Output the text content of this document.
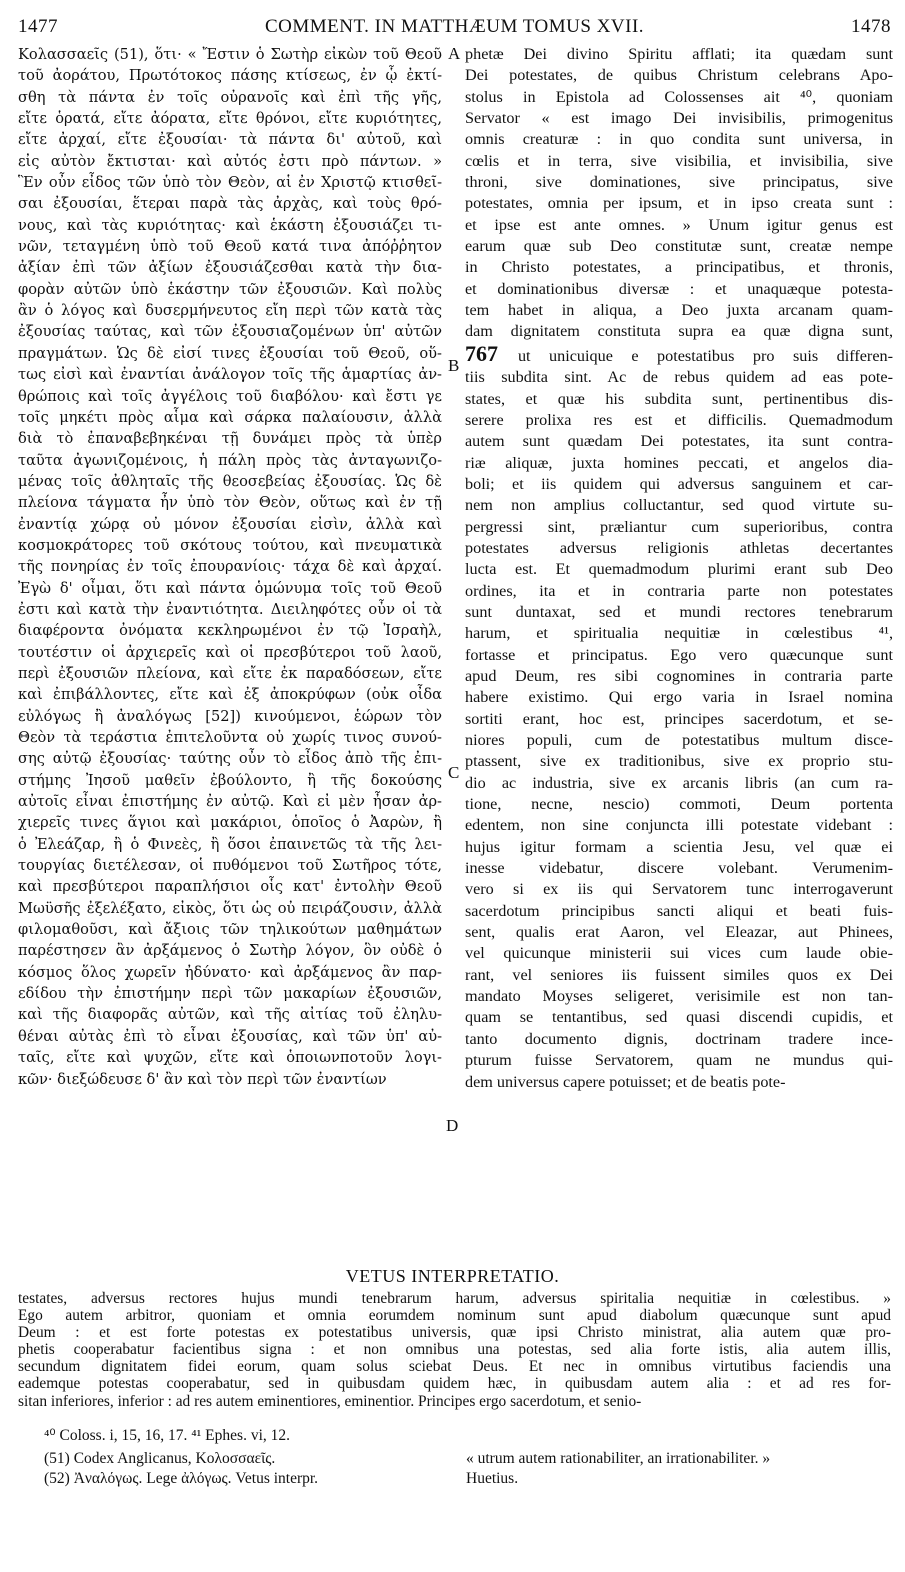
1477	COMMENT. IN MATTHÆUM TOMUS XVII.	1478
Κολασσαεῖς (51), ὅτι· « Ἔστιν ὁ Σωτὴρ εἰκὼν τοῦ Θεοῦ
τοῦ ἀοράτου, Πρωτότοκος πάσης κτίσεως, ἐν ᾧ ἐκτί-
σθη τὰ πάντα ἐν τοῖς οὐρανοῖς καὶ ἐπὶ τῆς γῆς,
εἴτε ὁρατά, εἴτε ἀόρατα, εἴτε θρόνοι, εἴτε κυριότητες,
εἴτε ἀρχαί, εἴτε ἐξουσίαι· τὰ πάντα δι' αὐτοῦ, καὶ
εἰς αὐτὸν ἔκτισται· καὶ αὐτός ἐστι πρὸ πάντων. »
Ἓν οὖν εἶδος τῶν ὑπὸ τὸν Θεὸν, αἱ ἐν Χριστῷ κτισθεῖ-
σαι ἐξουσίαι, ἕτεραι παρὰ τὰς ἀρχὰς, καὶ τοὺς θρό-
νους, καὶ τὰς κυριότητας· καὶ ἑκάστη ἐξουσιάζει τι-
νῶν, τεταγμένη ὑπὸ τοῦ Θεοῦ κατά τινα ἀπόῤῥητον
ἀξίαν ἐπὶ τῶν ἀξίων ἐξουσιάζεσθαι κατὰ τὴν δια-
φορὰν αὐτῶν ὑπὸ ἑκάστην τῶν ἐξουσιῶν. Καὶ πολὺς
ἂν ὁ λόγος καὶ δυσερμήνευτος εἴη περὶ τῶν κατὰ τὰς
ἐξουσίας ταύτας, καὶ τῶν ἐξουσιαζομένων ὑπ' αὐτῶν
πραγμάτων. Ὡς δὲ εἰσί τινες ἐξουσίαι τοῦ Θεοῦ, οὕ-
τως εἰσὶ καὶ ἐναντίαι ἀνάλογον τοῖς τῆς ἁμαρτίας ἀν-
θρώποις καὶ τοῖς ἀγγέλοις τοῦ διαβόλου· καὶ ἔστι γε
τοῖς μηκέτι πρὸς αἷμα καὶ σάρκα παλαίουσιν, ἀλλὰ
διὰ τὸ ἐπαναβεβηκέναι τῇ δυνάμει πρὸς τὰ ὑπὲρ
ταῦτα ἀγωνιζομένοις, ἡ πάλη πρὸς τὰς ἀνταγωνιζο-
μένας τοῖς ἀθληταῖς τῆς θεοσεβείας ἐξουσίας. Ὡς δὲ
πλείονα τάγματα ἦν ὑπὸ τὸν Θεὸν, οὕτως καὶ ἐν τῇ
ἐναντίᾳ χώρᾳ οὐ μόνον ἐξουσίαι εἰσὶν, ἀλλὰ καὶ
κοσμοκράτορες τοῦ σκότους τούτου, καὶ πνευματικὰ
τῆς πονηρίας ἐν τοῖς ἐπουρανίοις· τάχα δὲ καὶ ἀρχαί.
Ἐγὼ δ' οἶμαι, ὅτι καὶ πάντα ὁμώνυμα τοῖς τοῦ Θεοῦ
ἐστι καὶ κατὰ τὴν ἐναντιότητα. Διειληφότες οὖν οἱ τὰ
διαφέροντα ὀνόματα κεκληρωμένοι ἐν τῷ Ἰσραὴλ,
τουτέστιν οἱ ἀρχιερεῖς καὶ οἱ πρεσβύτεροι τοῦ λαοῦ,
περὶ ἐξουσιῶν πλείονα, καὶ εἴτε ἐκ παραδόσεων, εἴτε
καὶ ἐπιβάλλοντες, εἴτε καὶ ἐξ ἀποκρύφων (οὐκ οἶδα
εὐλόγως ἢ ἀναλόγως [52]) κινούμενοι, ἑώρων τὸν
Θεὸν τὰ τεράστια ἐπιτελοῦντα οὐ χωρίς τινος συνού-
σης αὐτῷ ἐξουσίας· ταύτης οὖν τὸ εἶδος ἀπὸ τῆς ἐπι-
στήμης Ἰησοῦ μαθεῖν ἐβούλοντο, ἢ τῆς δοκούσης
αὐτοῖς εἶναι ἐπιστήμης ἐν αὐτῷ. Καὶ εἰ μὲν ἦσαν ἀρ-
χιερεῖς τινες ἅγιοι καὶ μακάριοι, ὁποῖος ὁ Ἀαρὼν, ἢ
ὁ Ἐλεάζαρ, ἢ ὁ Φινεὲς, ἢ ὅσοι ἐπαινετῶς τὰ τῆς λει-
τουργίας διετέλεσαν, οἱ πυθόμενοι τοῦ Σωτῆρος τότε,
καὶ πρεσβύτεροι παραπλήσιοι οἷς κατ' ἐντολὴν Θεοῦ
Μωϋσῆς ἐξελέξατο, εἰκὸς, ὅτι ὡς οὐ πειράζουσιν, ἀλλὰ
φιλομαθοῦσι, καὶ ἄξιοις τῶν τηλικούτων μαθημάτων
παρέστησεν ἂν ἀρξάμενος ὁ Σωτὴρ λόγον, ὃν οὐδὲ ὁ
κόσμος ὅλος χωρεῖν ἠδύνατο· καὶ ἀρξάμενος ἂν παρ-
εδίδου τὴν ἐπιστήμην περὶ τῶν μακαρίων ἐξουσιῶν,
καὶ τῆς διαφορᾶς αὐτῶν, καὶ τῆς αἰτίας τοῦ ἐληλυ-
θέναι αὐτὰς ἐπὶ τὸ εἶναι ἐξουσίας, καὶ τῶν ὑπ' αὐ-
ταῖς, εἴτε καὶ ψυχῶν, εἴτε καὶ ὁποιωνποτοῦν λογι-
κῶν· διεξώδευσε δ' ἂν καὶ τὸν περὶ τῶν ἐναντίων
phetæ Dei divino Spiritu afflati; ita quædam sunt
Dei potestates, de quibus Christum celebrans Apo-
stolus in Epistola ad Colossenses ait ⁴⁰, quoniam
Servator « est imago Dei invisibilis, primogenitus
omnis creaturæ : in quo condita sunt universa, in
cœlis et in terra, sive visibilia, et invisibilia, sive
throni, sive dominationes, sive principatus, sive
potestates, omnia per ipsum, et in ipso creata sunt :
et ipse est ante omnes. » Unum igitur genus est
earum quæ sub Deo constitutæ sunt, creatæ nempe
in Christo potestates, a principatibus, et thronis,
et dominationibus diversæ : et unaquæque potesta-
tem habet in aliqua, a Deo juxta arcanam quam-
dam dignitatem constituta supra ea quæ digna sunt,
767 ut unicuique e potestatibus pro suis differen-
tiis subdita sint. Ac de rebus quidem ad eas pote-
states, et quæ his subdita sunt, pertinentibus dis-
serere prolixa res est et difficilis. Quemadmodum
autem sunt quædam Dei potestates, ita sunt contra-
riæ aliquæ, juxta homines peccati, et angelos dia-
boli; et iis quidem qui adversus sanguinem et car-
nem non amplius colluctantur, sed quod virtute su-
pergressi sint, præliantur cum superioribus, contra
potestates adversus religionis athletas decertantes
lucta est. Et quemadmodum plurimi erant sub Deo
ordines, ita et in contraria parte non potestates
sunt duntaxat, sed et mundi rectores tenebrarum
harum, et spiritualia nequitiæ in cœlestibus ⁴¹,
fortasse et principatus. Ego vero quæcunque sunt
apud Deum, res sibi cognomines in contraria parte
habere existimo. Qui ergo varia in Israel nomina
sortiti erant, hoc est, principes sacerdotum, et se-
niores populi, cum de potestatibus multum disce-
ptassent, sive ex traditionibus, sive ex proprio stu-
dio ac industria, sive ex arcanis libris (an cum ra-
tione, necne, nescio) commoti, Deum portenta
edentem, non sine conjuncta illi potestate videbant :
hujus igitur formam a scientia Jesu, vel quæ ei
inesse videbatur, discere volebant. Verumenim-
vero si ex iis qui Servatorem tunc interrogaverunt
sacerdotum principibus sancti aliqui et beati fuis-
sent, qualis erat Aaron, vel Eleazar, aut Phinees,
vel quicunque ministerii sui vices cum laude obie-
rant, vel seniores iis fuissent similes quos ex Dei
mandato Moyses seligeret, verisimile est non tan-
quam se tentantibus, sed quasi discendi cupidis, et
tanto documento dignis, doctrinam tradere ince-
pturum fuisse Servatorem, quam ne mundus qui-
dem universus capere potuisset; et de beatis pote-
A
B
C
D
VETUS INTERPRETATIO.
testates, adversus rectores hujus mundi tenebrarum harum, adversus spiritalia nequitiæ in cœlestibus. »
Ego autem arbitror, quoniam et omnia eorumdem nominum sunt apud diabolum quæcunque sunt apud
Deum : et est forte potestas ex potestatibus universis, quæ ipsi Christo ministrat, alia autem quæ pro-
phetis cooperabatur facientibus signa : et non omnibus una potestas, sed alia forte istis, alia autem illis,
secundum dignitatem fidei eorum, quam solus sciebat Deus. Et nec in omnibus virtutibus faciendis una
eademque potestas cooperabatur, sed in quibusdam quidem hæc, in quibusdam autem alia : et ad res for-
sitan inferiores, inferior : ad res autem eminentiores, eminentior. Principes ergo sacerdotum, et senio-
⁴⁰ Coloss. i, 15, 16, 17. ⁴¹ Ephes. vi, 12.
(51) Codex Anglicanus, Κολοσσαεῖς.
(52) Ἀναλόγως. Lege ἀλόγως. Vetus interpr.
« utrum autem rationabiliter, an irrationabiliter. »
Huetius.
